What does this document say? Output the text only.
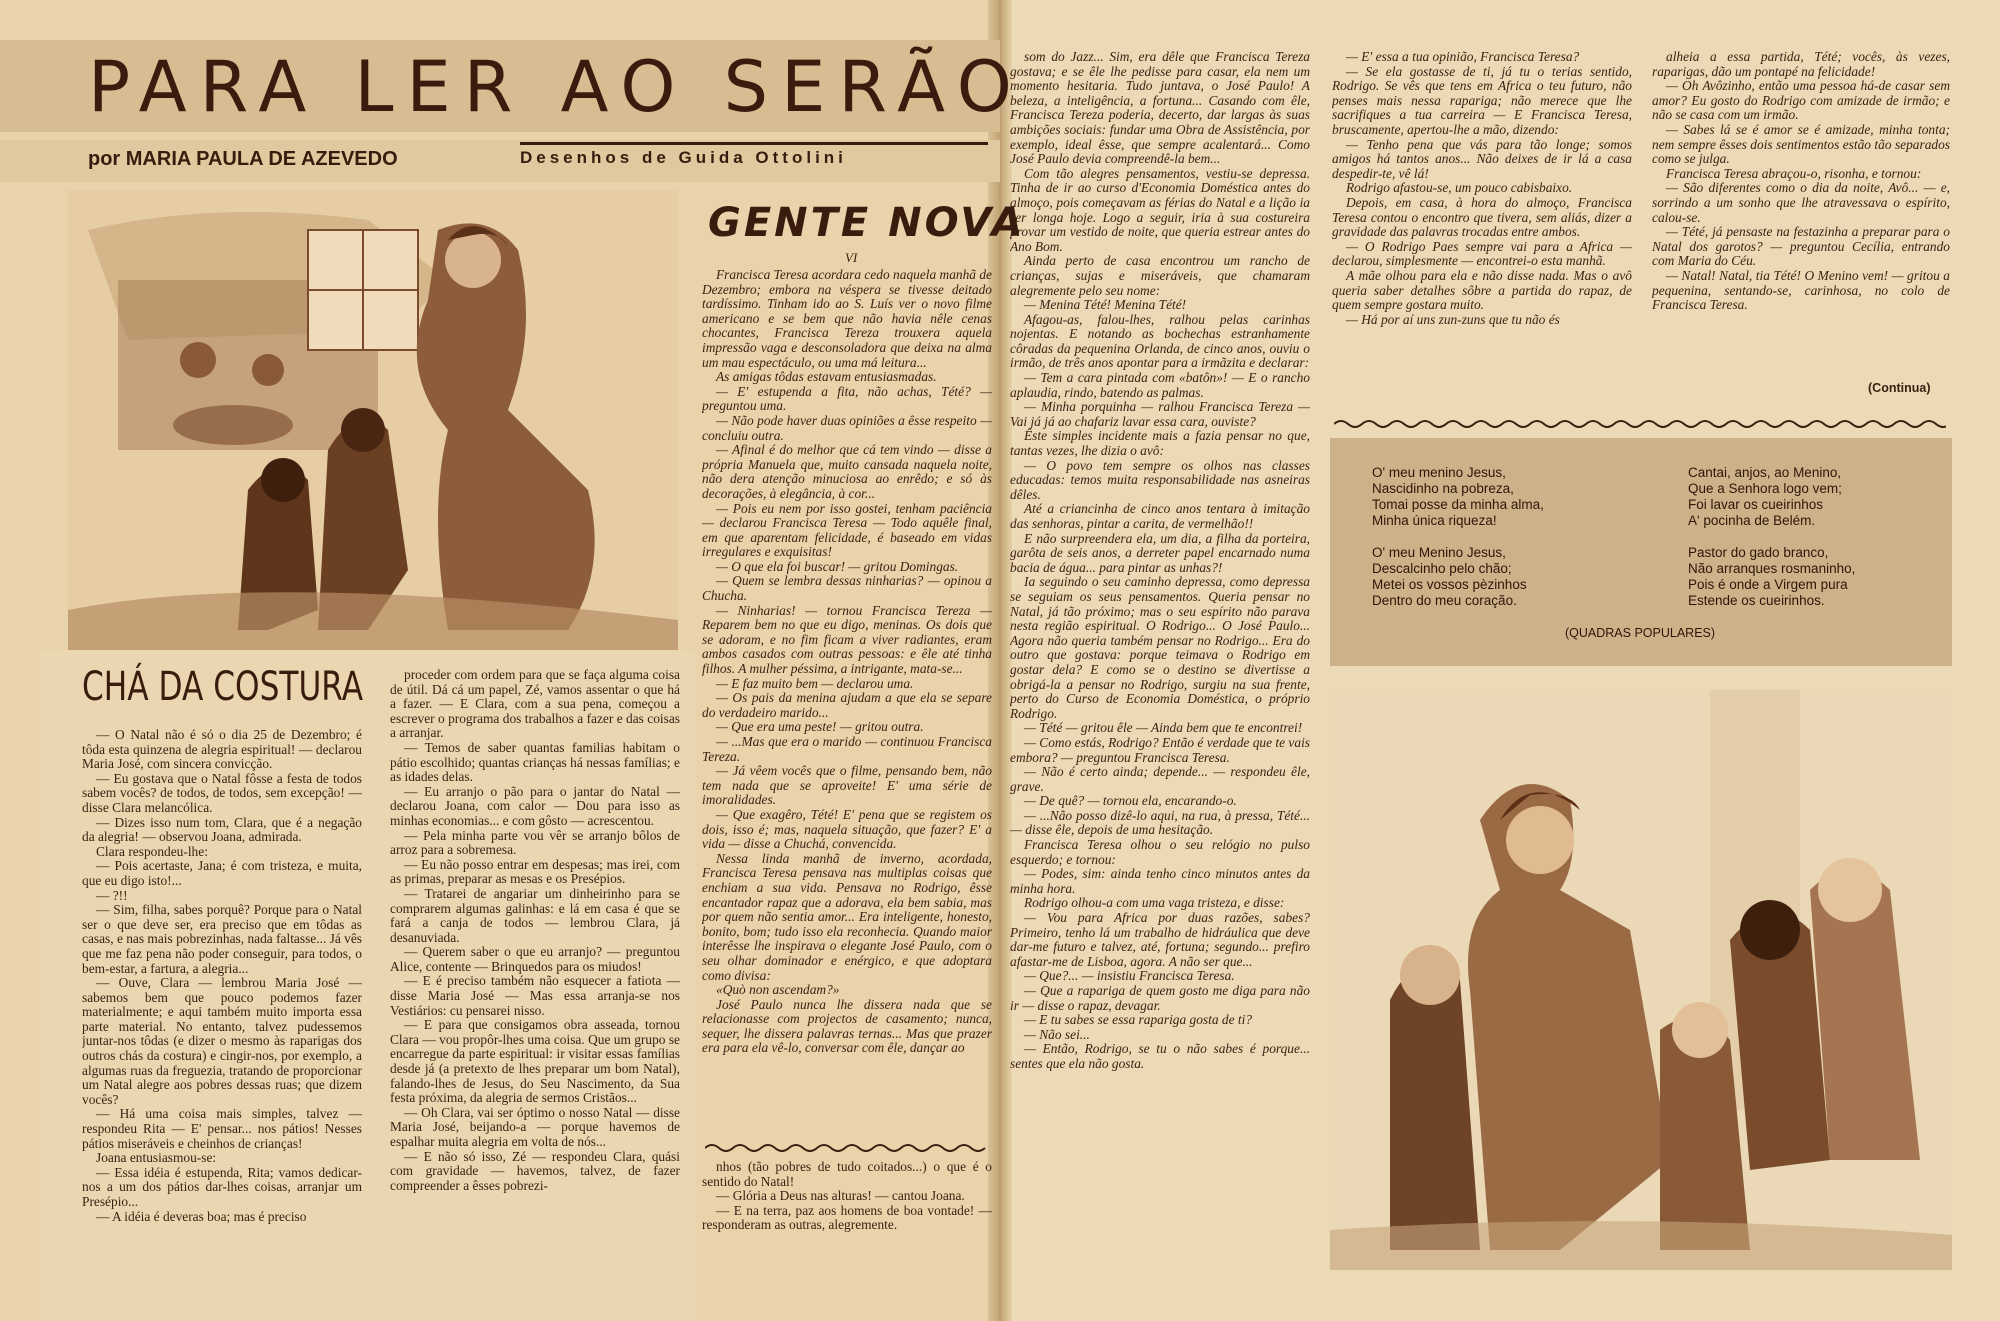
PARA LER AO SERÃO
por MARIA PAULA DE AZEVEDO	Desenhos de Guida Ottolini
GENTE NOVA
VI

Francisca Teresa acordara cedo naquela manhã de Dezembro; embora na véspera se tivesse deitado tardíssimo. Tinham ido ao S. Luís ver o novo filme americano e se bem que não havia nêle cenas chocantes, Francisca Tereza trouxera aquela impressão vaga e desconsoladora que deixa na alma um mau espectáculo, ou uma má leitura...

As amigas tôdas estavam entusiasmadas.

— E' estupenda a fita, não achas, Tété? — preguntou uma.

— Não pode haver duas opiniões a êsse respeito — concluiu outra.

— Afinal é do melhor que cá tem vindo — disse a própria Manuela que, muito cansada naquela noite, não dera atenção minuciosa ao enrêdo; e só às decorações, à elegância, à cor...

— Pois eu nem por isso gostei, tenham paciência — declarou Francisca Teresa — Todo aquêle final, em que aparentam felicidade, é baseado em vidas irregulares e exquisitas!

— O que ela foi buscar! — gritou Domingas.

— Quem se lembra dessas ninharias? — opinou a Chucha.

— Ninharias! — tornou Francisca Tereza — Reparem bem no que eu digo, meninas. Os dois que se adoram, e no fim ficam a viver radiantes, eram ambos casados com outras pessoas: e êle até tinha filhos. A mulher péssima, a intrigante, mata-se...

— E faz muito bem — declarou uma.

— Os pais da menina ajudam a que ela se separe do verdadeiro marido...

— Que era uma peste! — gritou outra.

— ...Mas que era o marido — continuou Francisca Tereza.

— Já vêem vocês que o filme, pensando bem, não tem nada que se aproveite! E' uma série de imoralidades.

— Que exagêro, Tété! E' pena que se registem os dois, isso é; mas, naquela situação, que fazer? E' a vida — disse a Chuchá, convencida.

Nessa linda manhã de inverno, acordada, Francisca Teresa pensava nas multiplas coisas que enchiam a sua vida. Pensava no Rodrigo, êsse encantador rapaz que a adorava, ela bem sabia, mas por quem não sentia amor... Era inteligente, honesto, bonito, bom; tudo isso ela reconhecia. Quando maior interêsse lhe inspirava o elegante José Paulo, com o seu olhar dominador e enérgico, e que adoptara como divisa:

«Quò non ascendam?»

José Paulo nunca lhe dissera nada que se relacionasse com projectos de casamento; nunca, sequer, lhe dissera palavras ternas... Mas que prazer era para ela vê-lo, conversar com êle, dançar ao

nhos (tão pobres de tudo coitados...) o que é o sentido do Natal!

— Glória a Deus nas alturas! — cantou Joana.

— E na terra, paz aos homens de boa vontade! — responderam as outras, alegremente.

CHÁ DA COSTURA

— O Natal não é só o dia 25 de Dezembro; é tôda esta quinzena de alegria espiritual! — declarou Maria José, com sincera convicção.

— Eu gostava que o Natal fôsse a festa de todos sabem vocês? de todos, de todos, sem excepção! — disse Clara melancólica.

— Dizes isso num tom, Clara, que é a negação da alegria! — observou Joana, admirada.

Clara respondeu-lhe:

— Pois acertaste, Jana; é com tristeza, e muita, que eu digo isto!...

— ?!!

— Sim, filha, sabes porquê? Porque para o Natal ser o que deve ser, era preciso que em tôdas as casas, e nas mais pobrezinhas, nada faltasse... Já vês que me faz pena não poder conseguir, para todos, o bem-estar, a fartura, a alegria...

— Ouve, Clara — lembrou Maria José — sabemos bem que pouco podemos fazer materialmente; e aqui também muito importa essa parte material. No entanto, talvez pudessemos juntar-nos tôdas (e dizer o mesmo às raparigas dos outros chás da costura) e cingir-nos, por exemplo, a algumas ruas da freguezia, tratando de proporcionar um Natal alegre aos pobres dessas ruas; que dizem vocês?

— Há uma coisa mais simples, talvez — respondeu Rita — E' pensar... nos pátios! Nesses pátios miseráveis e cheinhos de crianças!

Joana entusiasmou-se:

— Essa idéia é estupenda, Rita; vamos dedicar-nos a um dos pátios dar-lhes coisas, arranjar um Presépio...

— A idéia é deveras boa; mas é preciso

proceder com ordem para que se faça alguma coisa de útil. Dá cá um papel, Zé, vamos assentar o que há a fazer. — E Clara, com a sua pena, começou a escrever o programa dos trabalhos a fazer e das coisas a arranjar.

— Temos de saber quantas familias habitam o pátio escolhido; quantas crianças há nessas famílias; e as idades delas.

— Eu arranjo o pão para o jantar do Natal — declarou Joana, com calor — Dou para isso as minhas economias... e com gôsto — acrescentou.

— Pela minha parte vou vêr se arranjo bôlos de arroz para a sobremesa.

— Eu não posso entrar em despesas; mas irei, com as primas, preparar as mesas e os Presépios.

— Tratarei de angariar um dinheirinho para se comprarem algumas galinhas: e lá em casa é que se fará a canja de todos — lembrou Clara, já desanuviada.

— Querem saber o que eu arranjo? — preguntou Alice, contente — Brinquedos para os miudos!

— E é preciso também não esquecer a fatiota — disse Maria José — Mas essa arranja-se nos Vestiários: cu pensarei nisso.

— E para que consigamos obra asseada, tornou Clara — vou propôr-lhes uma coisa. Que um grupo se encarregue da parte espiritual: ir visitar essas famílias desde já (a pretexto de lhes preparar um bom Natal), falando-lhes de Jesus, do Seu Nascimento, da Sua festa próxima, da alegria de sermos Cristãos...

— Oh Clara, vai ser óptimo o nosso Natal — disse Maria José, beijando-a — porque havemos de espalhar muita alegria em volta de nós...

— E não só isso, Zé — respondeu Clara, quási com gravidade — havemos, talvez, de fazer compreender a êsses pobrezi-

som do Jazz... Sim, era dêle que Francisca Tereza gostava; e se êle lhe pedisse para casar, ela nem um momento hesitaria. Tudo juntava, o José Paulo! A beleza, a inteligência, a fortuna... Casando com êle, Francisca Tereza poderia, decerto, dar largas às suas ambições sociais: fundar uma Obra de Assistência, por exemplo, ideal êsse, que sempre acalentará... Como José Paulo devia compreendê-la bem...

Com tão alegres pensamentos, vestiu-se depressa. Tinha de ir ao curso d'Economia Doméstica antes do almoço, pois começavam as férias do Natal e a lição ia ser longa hoje. Logo a seguir, iria à sua costureira provar um vestido de noite, que queria estrear antes do Ano Bom.

Ainda perto de casa encontrou um rancho de crianças, sujas e miseráveis, que chamaram alegremente pelo seu nome:

— Menina Tété! Menina Tété!

Afagou-as, falou-lhes, ralhou pelas carinhas nojentas. E notando as bochechas estranhamente côradas da pequenina Orlanda, de cinco anos, ouviu o irmão, de três anos apontar para a irmãzita e declarar:

— Tem a cara pintada com «batôn»! — E o rancho aplaudia, rindo, batendo as palmas.

— Minha porquinha — ralhou Francisca Tereza — Vai já já ao chafariz lavar essa cara, ouviste?

Êste simples incidente mais a fazia pensar no que, tantas vezes, lhe dizia o avô:

— O povo tem sempre os olhos nas classes educadas: temos muita responsabilidade nas asneiras dêles.

Até a criancinha de cinco anos tentara à imitação das senhoras, pintar a carita, de vermelhão!!

E não surpreendera ela, um dia, a filha da porteira, garôta de seis anos, a derreter papel encarnado numa bacia de água... para pintar as unhas?!

Ia seguindo o seu caminho depressa, como depressa se seguiam os seus pensamentos. Queria pensar no Natal, já tão próximo; mas o seu espírito não parava nesta região espiritual. O Rodrigo... O José Paulo... Agora não queria também pensar no Rodrigo... Era do outro que gostava: porque teimava o Rodrigo em gostar dela? E como se o destino se divertisse a obrigá-la a pensar no Rodrigo, surgiu na sua frente, perto do Curso de Economia Doméstica, o próprio Rodrigo.

— Tété — gritou êle — Ainda bem que te encontrei!

— Como estás, Rodrigo? Então é verdade que te vais embora? — preguntou Francisca Teresa.

— Não é certo ainda; depende... — respondeu êle, grave.

— De quê? — tornou ela, encarando-o.

— ...Não posso dizê-lo aqui, na rua, à pressa, Tété... — disse êle, depois de uma hesitação.

Francisca Teresa olhou o seu relógio no pulso esquerdo; e tornou:

— Podes, sim: ainda tenho cinco minutos antes da minha hora.

Rodrigo olhou-a com uma vaga tristeza, e disse:

— Vou para Africa por duas razões, sabes? Primeiro, tenho lá um trabalho de hidráulica que deve dar-me futuro e talvez, até, fortuna; segundo... prefiro afastar-me de Lisboa, agora. A não ser que...

— Que?... — insistiu Francisca Teresa.

— Que a rapariga de quem gosto me diga para não ir — disse o rapaz, devagar.

— E tu sabes se essa rapariga gosta de ti?

— Não sei...

— Então, Rodrigo, se tu o não sabes é porque... sentes que ela não gosta.

— E' essa a tua opinião, Francisca Teresa?

— Se ela gostasse de ti, já tu o terias sentido, Rodrigo. Se vês que tens em Africa o teu futuro, não penses mais nessa rapariga; não merece que lhe sacrifiques a tua carreira — E Francisca Teresa, bruscamente, apertou-lhe a mão, dizendo:

— Tenho pena que vás para tão longe; somos amigos há tantos anos... Não deixes de ir lá a casa despedir-te, vê lá!

Rodrigo afastou-se, um pouco cabisbaixo.

Depois, em casa, à hora do almoço, Francisca Teresa contou o encontro que tivera, sem aliás, dizer a gravidade das palavras trocadas entre ambos.

— O Rodrigo Paes sempre vai para a Africa — declarou, simplesmente — encontrei-o esta manhã.

A mãe olhou para ela e não disse nada. Mas o avô queria saber detalhes sôbre a partida do rapaz, de quem sempre gostara muito.

— Há por aí uns zun-zuns que tu não és

alheia a essa partida, Tété; vocês, às vezes, raparigas, dão um pontapé na felicidade!

— Oh Avôzinho, então uma pessoa há-de casar sem amor? Eu gosto do Rodrigo com amizade de irmão; e não se casa com um irmão.

— Sabes lá se é amor se é amizade, minha tonta; nem sempre êsses dois sentimentos estão tão separados como se julga.

Francisca Teresa abraçou-o, risonha, e tornou:

— São diferentes como o dia da noite, Avô... — e, sorrindo a um sonho que lhe atravessava o espírito, calou-se.

— Tété, já pensaste na festazinha a preparar para o Natal dos garotos? — preguntou Cecília, entrando com Maria do Céu.

— Natal! Natal, tia Tété! O Menino vem! — gritou a pequenina, sentando-se, carinhosa, no colo de Francisca Teresa.

(Continua)
O' meu menino Jesus,
Nascidinho na pobreza,
Tomai posse da minha alma,
Minha única riqueza!

O' meu Menino Jesus,
Descalcinho pelo chão;
Metei os vossos pèzinhos
Dentro do meu coração.
Cantai, anjos, ao Menino,
Que a Senhora logo vem;
Foi lavar os cueirinhos
A' pocinha de Belém.

Pastor do gado branco,
Não arranques rosmaninho,
Pois é onde a Virgem pura
Estende os cueirinhos.
(QUADRAS POPULARES)
